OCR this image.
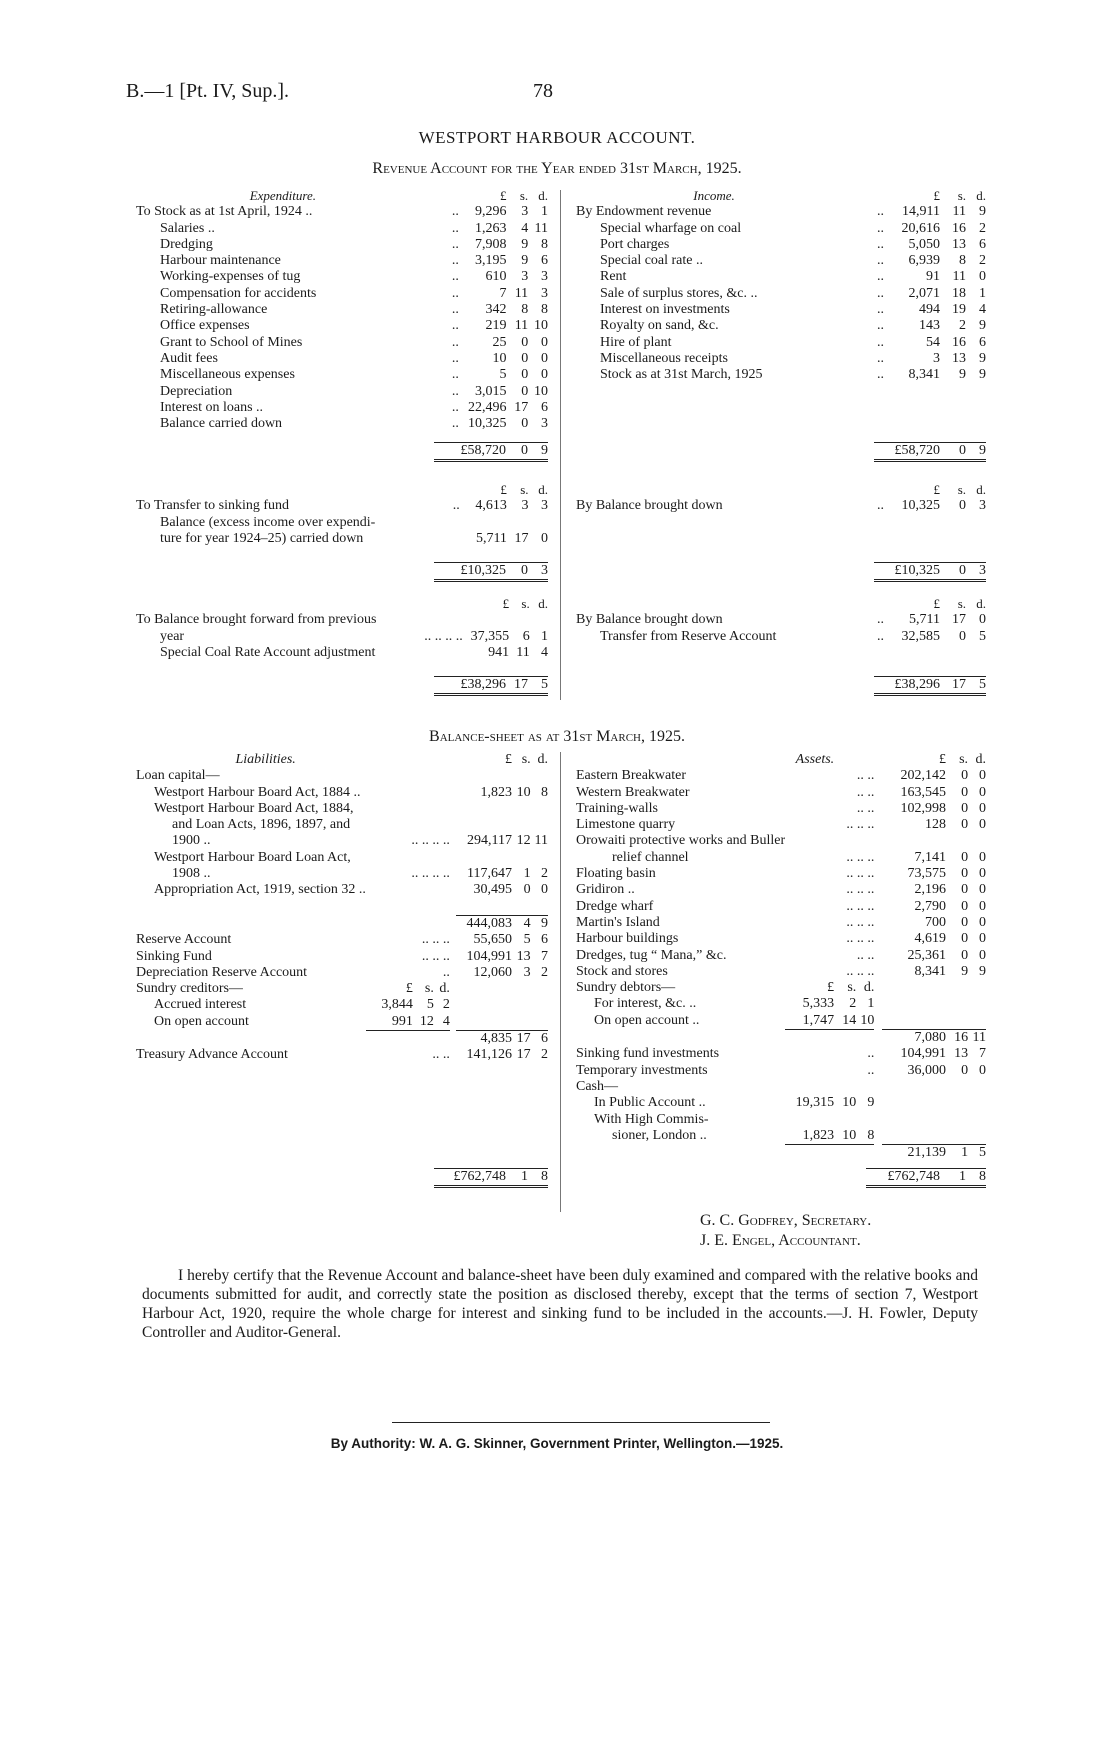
B.—1 [Pt. IV, Sup.].	78
WESTPORT HARBOUR ACCOUNT.
Revenue Account for the Year ended 31st March, 1925.
Expenditure.		£	s.	d.
To Stock as at 1st April, 1924 ..	..	9,296	3	1
Salaries ..	..	1,263	4	11
Dredging	..	7,908	9	8
Harbour maintenance	..	3,195	9	6
Working-expenses of tug	..	610	3	3
Compensation for accidents	..	7	11	3
Retiring-allowance	..	342	8	8
Office expenses	..	219	11	10
Grant to School of Mines	..	25	0	0
Audit fees	..	10	0	0
Miscellaneous expenses	..	5	0	0
Depreciation	..	3,015	0	10
Interest on loans ..	..	22,496	17	6
Balance carried down	..	10,325	0	3
Income.		£	s.	d.
By Endowment revenue	..	14,911	11	9
Special wharfage on coal	..	20,616	16	2
Port charges	..	5,050	13	6
Special coal rate ..	..	6,939	8	2
Rent	..	91	11	0
Sale of surplus stores, &c. ..	..	2,071	18	1
Interest on investments	..	494	19	4
Royalty on sand, &c.	..	143	2	9
Hire of plant	..	54	16	6
Miscellaneous receipts	..	3	13	9
Stock as at 31st March, 1925	..	8,341	9	9
£58,720	0	9	£58,720	0	9
		£	s.	d.
To Transfer to sinking fund	..	4,613	3	3
Balance (excess income over expendi-				
ture for year 1924–25) carried down		5,711	17	0
		£	s.	d.
By Balance brought down	..	10,325	0	3
£10,325	0	3	£10,325	0	3
		£	s.	d.
To Balance brought forward from previous				
year	.. .. .. ..	37,355	6	1
Special Coal Rate Account adjustment		941	11	4
		£	s.	d.
By Balance brought down	..	5,711	17	0
Transfer from Reserve Account	..	32,585	0	5
£38,296	17	5	£38,296	17	5
Balance-sheet as at 31st March, 1925.
	Liabilities.					£	s.	d.
Loan capital—								
Westport Harbour Board Act, 1884 ..						1,823	10	8
Westport Harbour Board Act, 1884,								
and Loan Acts, 1896, 1897, and								
1900 ..		.. .. .. ..				294,117	12	11
Westport Harbour Board Loan Act,								
1908 ..		.. .. .. ..				117,647	1	2
Appropriation Act, 1919, section 32 ..						30,495	0	0

						444,083	4	9
Reserve Account		.. .. ..				55,650	5	6
Sinking Fund		.. .. ..				104,991	13	7
Depreciation Reserve Account		..				12,060	3	2
Sundry creditors—		£	s.	d.				
Accrued interest		3,844	5	2				
On open account		991	12	4				
						4,835	17	6
Treasury Advance Account		.. ..				141,126	17	2
	Assets.					£	s.	d.
Eastern Breakwater		.. ..				202,142	0	0
Western Breakwater		.. ..				163,545	0	0
Training-walls		.. ..				102,998	0	0
Limestone quarry		.. .. ..				128	0	0
Orowaiti protective works and Buller								
relief channel		.. .. ..				7,141	0	0
Floating basin		.. .. ..				73,575	0	0
Gridiron ..		.. .. ..				2,196	0	0
Dredge wharf		.. .. ..				2,790	0	0
Martin's Island		.. .. ..				700	0	0
Harbour buildings		.. .. ..				4,619	0	0
Dredges, tug “ Mana,” &c.		.. ..				25,361	0	0
Stock and stores		.. .. ..				8,341	9	9
Sundry debtors—		£	s.	d.				
For interest, &c. ..		5,333	2	1				
On open account ..		1,747	14	10				
						7,080	16	11
Sinking fund investments		..				104,991	13	7
Temporary investments		..				36,000	0	0
Cash—								
In Public Account ..		19,315	10	9				
With High Commis-								
sioner, London ..		1,823	10	8				
						21,139	1	5
£762,748	1	8	£762,748	1	8
G. C. Godfrey, Secretary.
J. E. Engel, Accountant.
I hereby certify that the Revenue Account and balance-sheet have been duly examined and compared with the relative books and documents submitted for audit, and correctly state the position as disclosed thereby, except that the terms of section 7, Westport Harbour Act, 1920, require the whole charge for interest and sinking fund to be included in the accounts.—J. H. Fowler, Deputy Controller and Auditor-General.
By Authority: W. A. G. Skinner, Government Printer, Wellington.—1925.
